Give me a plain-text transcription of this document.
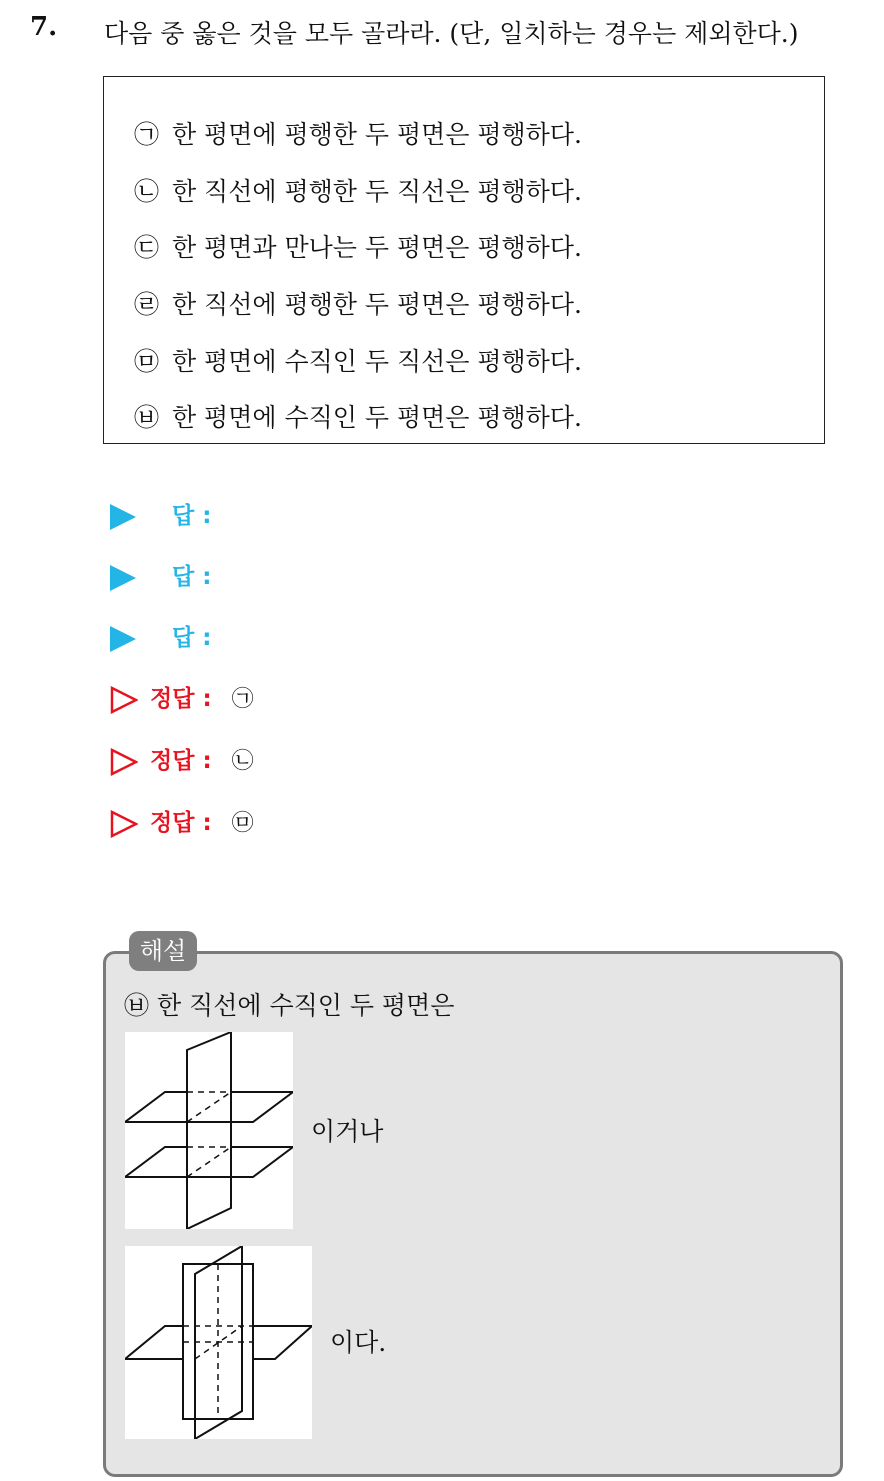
7. 다음 중 옳은 것을 모두 골라라. (단, 일치하는 경우는 제외한다.)
㉠ 한 평면에 평행한 두 평면은 평행하다.
㉡ 한 직선에 평행한 두 직선은 평행하다.
㉢ 한 평면과 만나는 두 평면은 평행하다.
㉣ 한 직선에 평행한 두 평면은 평행하다.
㉤ 한 평면에 수직인 두 직선은 평행하다.
㉥ 한 평면에 수직인 두 평면은 평행하다.
답 :
답 :
답 :
정답 : ㉠
정답 : ㉡
정답 : ㉤
해설
㉥ 한 직선에 수직인 두 평면은
이거나
이다.
